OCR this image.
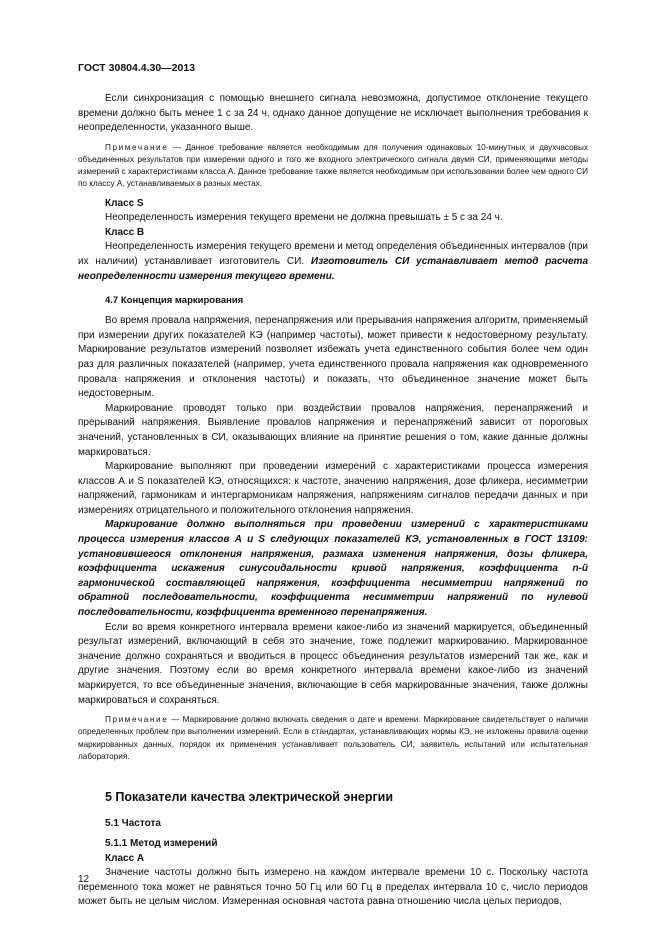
ГОСТ 30804.4.30—2013

Если синхронизация с помощью внешнего сигнала невозможна, допустимое отклонение текущего времени должно быть менее 1 с за 24 ч, однако данное допущение не исключает выполнения требования к неопределенности, указанного выше.

Примечание — Данное требование является необходимым для получения одинаковых 10-минутных и двухчасовых объединенных результатов при измерении одного и того же входного электрического сигнала двумя СИ, применяющими методы измерений с характеристиками класса А. Данное требование также является необходимым при использовании более чем одного СИ по классу А, устанавливаемых в разных местах.

Класс S

Неопределенность измерения текущего времени не должна превышать ± 5 с за 24 ч.

Класс В

Неопределенность измерения текущего времени и метод определения объединенных интервалов (при их наличии) устанавливает изготовитель СИ. Изготовитель СИ устанавливает метод расчета неопределенности измерения текущего времени.

4.7 Концепция маркирования

Во время провала напряжения, перенапряжения или прерывания напряжения алгоритм, применяемый при измерении других показателей КЭ (например частоты), может привести к недостоверному результату. Маркирование результатов измерений позволяет избежать учета единственного события более чем один раз для различных показателей (например, учета единственного провала напряжения как одновременного провала напряжения и отклонения частоты) и показать, что объединенное значение может быть недостоверным.

Маркирование проводят только при воздействии провалов напряжения, перенапряжений и прерываний напряжения. Выявление провалов напряжения и перенапряжений зависит от пороговых значений, установленных в СИ, оказывающих влияние на принятие решения о том, какие данные должны маркироваться.

Маркирование выполняют при проведении измерений с характеристиками процесса измерения классов А и S показателей КЭ, относящихся: к частоте, значению напряжения, дозе фликера, несимметрии напряжений, гармоникам и интергармоникам напряжения, напряжениям сигналов передачи данных и при измерениях отрицательного и положительного отклонения напряжения.

Маркирование должно выполняться при проведении измерений с характеристиками процесса измерения классов А и S следующих показателей КЭ, установленных в ГОСТ 13109: установившегося отклонения напряжения, размаха изменения напряжения, дозы фликера, коэффициента искажения синусоидальности кривой напряжения, коэффициента n-й гармонической составляющей напряжения, коэффициента несимметрии напряжений по обратной последовательности, коэффициента несимметрии напряжений по нулевой последовательности, коэффициента временного перенапряжения.

Если во время конкретного интервала времени какое-либо из значений маркируется, объединенный результат измерений, включающий в себя это значение, тоже подлежит маркированию. Маркированное значение должно сохраняться и вводиться в процесс объединения результатов измерений так же, как и другие значения. Поэтому если во время конкретного интервала времени какое-либо из значений маркируется, то все объединенные значения, включающие в себя маркированные значения, также должны маркироваться и сохраняться.

Примечание — Маркирование должно включать сведения о дате и времени. Маркирование свидетельствует о наличии определенных проблем при выполнении измерений. Если в стандартах, устанавливающих нормы КЭ, не изложены правила оценки маркированных данных, порядок их применения устанавливает пользователь СИ, заявитель испытаний или испытательная лаборатория.

5 Показатели качества электрической энергии
5.1 Частота
5.1.1 Метод измерений
Класс А

Значение частоты должно быть измерено на каждом интервале времени 10 с. Поскольку частота переменного тока может не равняться точно 50 Гц или 60 Гц в пределах интервала 10 с, число периодов может быть не целым числом. Измеренная основная частота равна отношению числа целых периодов,

12
